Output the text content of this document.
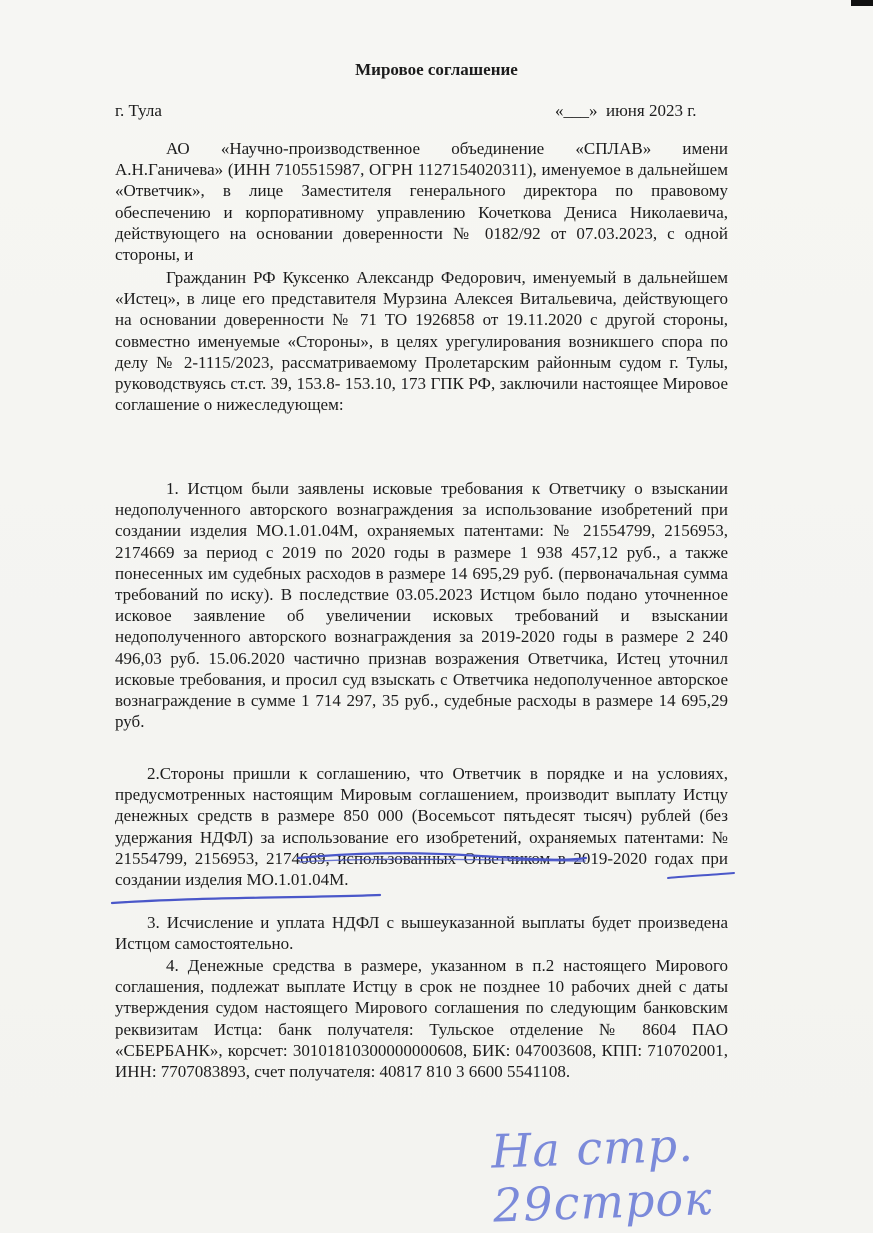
Мировое соглашение
г. Тула	«___»  июня 2023 г.
АО «Научно-производственное объединение «СПЛАВ» имени А.Н.Ганичева» (ИНН 7105515987, ОГРН 1127154020311), именуемое в дальнейшем «Ответчик», в лице Заместителя генерального директора по правовому обеспечению и корпоративному управлению Кочеткова Дениса Николаевича, действующего на основании доверенности № 0182/92 от 07.03.2023, с одной стороны, и
Гражданин РФ Куксенко Александр Федорович, именуемый в дальнейшем «Истец», в лице его представителя Мурзина Алексея Витальевича, действующего на основании доверенности № 71 ТО 1926858 от 19.11.2020 с другой стороны, совместно именуемые «Стороны», в целях урегулирования возникшего спора по делу № 2-1115/2023, рассматриваемому Пролетарским районным судом г. Тулы, руководствуясь ст.ст. 39, 153.8- 153.10, 173 ГПК РФ, заключили настоящее Мировое соглашение о нижеследующем:
1. Истцом были заявлены исковые требования к Ответчику о взыскании недополученного авторского вознаграждения за использование изобретений при создании изделия МО.1.01.04М, охраняемых патентами: № 21554799, 2156953, 2174669 за период с 2019 по 2020 годы в размере 1 938 457,12 руб., а также понесенных им судебных расходов в размере 14 695,29 руб. (первоначальная сумма требований по иску). В последствие 03.05.2023 Истцом было подано уточненное исковое заявление об увеличении исковых требований и взыскании недополученного авторского вознаграждения за 2019-2020 годы в размере 2 240 496,03 руб. 15.06.2020 частично признав возражения Ответчика, Истец уточнил исковые требования, и просил суд взыскать с Ответчика недополученное авторское вознаграждение в сумме 1 714 297, 35 руб., судебные расходы в размере 14 695,29 руб.
2.Стороны пришли к соглашению, что Ответчик в порядке и на условиях, предусмотренных настоящим Мировым соглашением, производит выплату Истцу денежных средств в размере 850 000 (Восемьсот пятьдесят тысяч) рублей (без удержания НДФЛ) за использование его изобретений, охраняемых патентами: № 21554799, 2156953, 2174669, использованных Ответчиком в 2019-2020 годах при создании изделия МО.1.01.04М.
3. Исчисление и уплата НДФЛ с вышеуказанной выплаты будет произведена Истцом самостоятельно.
4. Денежные средства в размере, указанном в п.2 настоящего Мирового соглашения, подлежат выплате Истцу в срок не позднее 10 рабочих дней с даты утверждения судом настоящего Мирового соглашения по следующим банковским реквизитам Истца: банк получателя: Тульское отделение № 8604 ПАО «СБЕРБАНК», корсчет: 30101810300000000608, БИК: 047003608, КПП: 710702001, ИНН: 7707083893, счет получателя: 40817 810 3 6600 5541108.
На стр. 29строк
